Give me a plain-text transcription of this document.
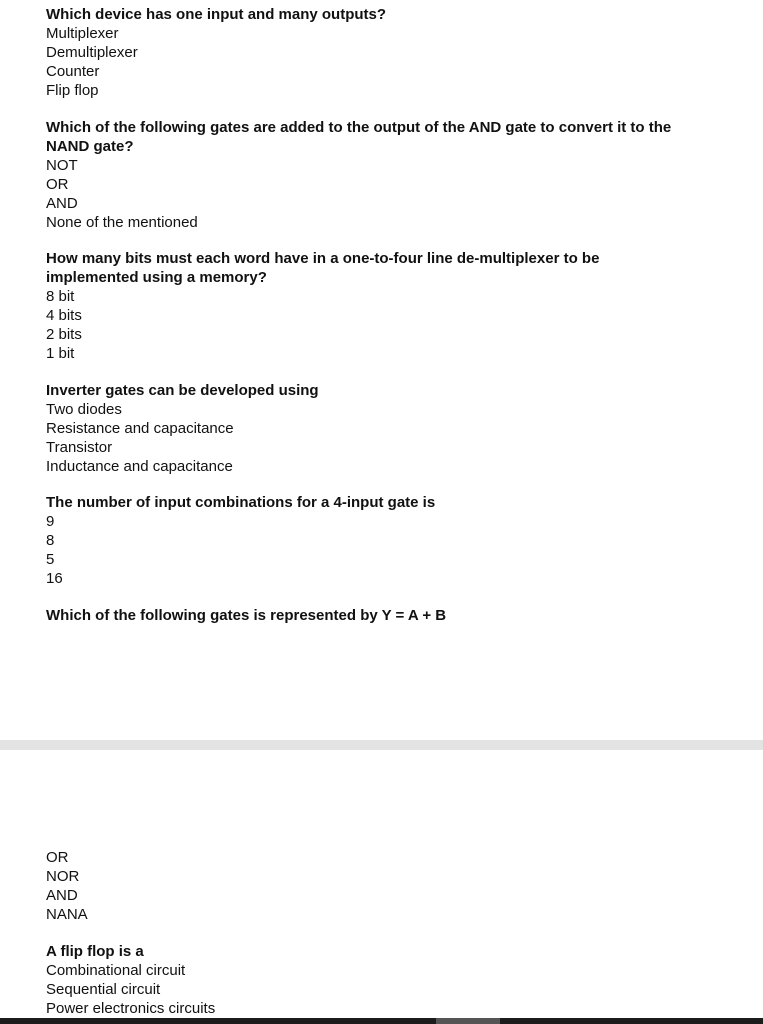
Which device has one input and many outputs?

Multiplexer

Demultiplexer

Counter

Flip flop

Which of the following gates are added to the output of the AND gate to convert it to the NAND gate?

NOT

OR

AND

None of the mentioned

How many bits must each word have in a one-to-four line de-multiplexer to be implemented using a memory?

8 bit

4 bits

2 bits

1 bit

Inverter gates can be developed using

Two diodes

Resistance and capacitance

Transistor

Inductance and capacitance

The number of input combinations for a 4-input gate is

9

8

5

16

Which of the following gates is represented by Y = A + B

OR

NOR

AND

NANA

A flip flop is a

Combinational circuit

Sequential circuit

Power electronics circuits
